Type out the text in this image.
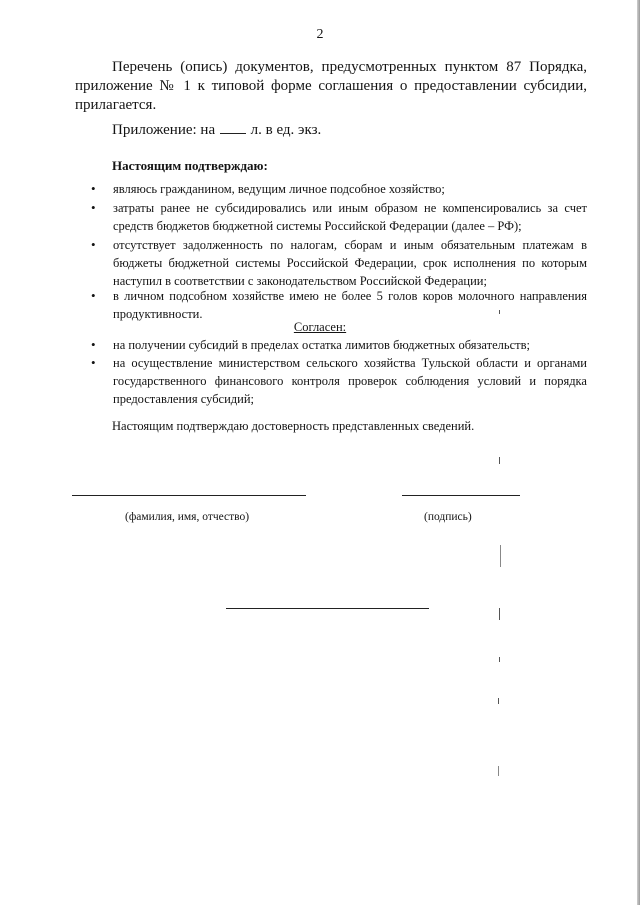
2

Перечень (опись) документов, предусмотренных пунктом 87 Порядка, приложение № 1 к типовой форме соглашения о предоставлении субсидии, прилагается.

Приложение: на л. в ед. экз.

Настоящим подтверждаю:

• являюсь гражданином, ведущим личное подсобное хозяйство;
• затраты ранее не субсидировались или иным образом не компенсировались за счет средств бюджетов бюджетной системы Российской Федерации (далее – РФ);
• отсутствует задолженность по налогам, сборам и иным обязательным платежам в бюджеты бюджетной системы Российской Федерации, срок исполнения по которым наступил в соответствии с законодательством Российской Федерации;
• в личном подсобном хозяйстве имею не более 5 голов коров молочного направления продуктивности.

Согласен:

• на получении субсидий в пределах остатка лимитов бюджетных обязательств;
• на осуществление министерством сельского хозяйства Тульской области и органами государственного финансового контроля проверок соблюдения условий и порядка предоставления субсидий;

Настоящим подтверждаю достоверность представленных сведений.

(фамилия, имя, отчество)	(подпись)
